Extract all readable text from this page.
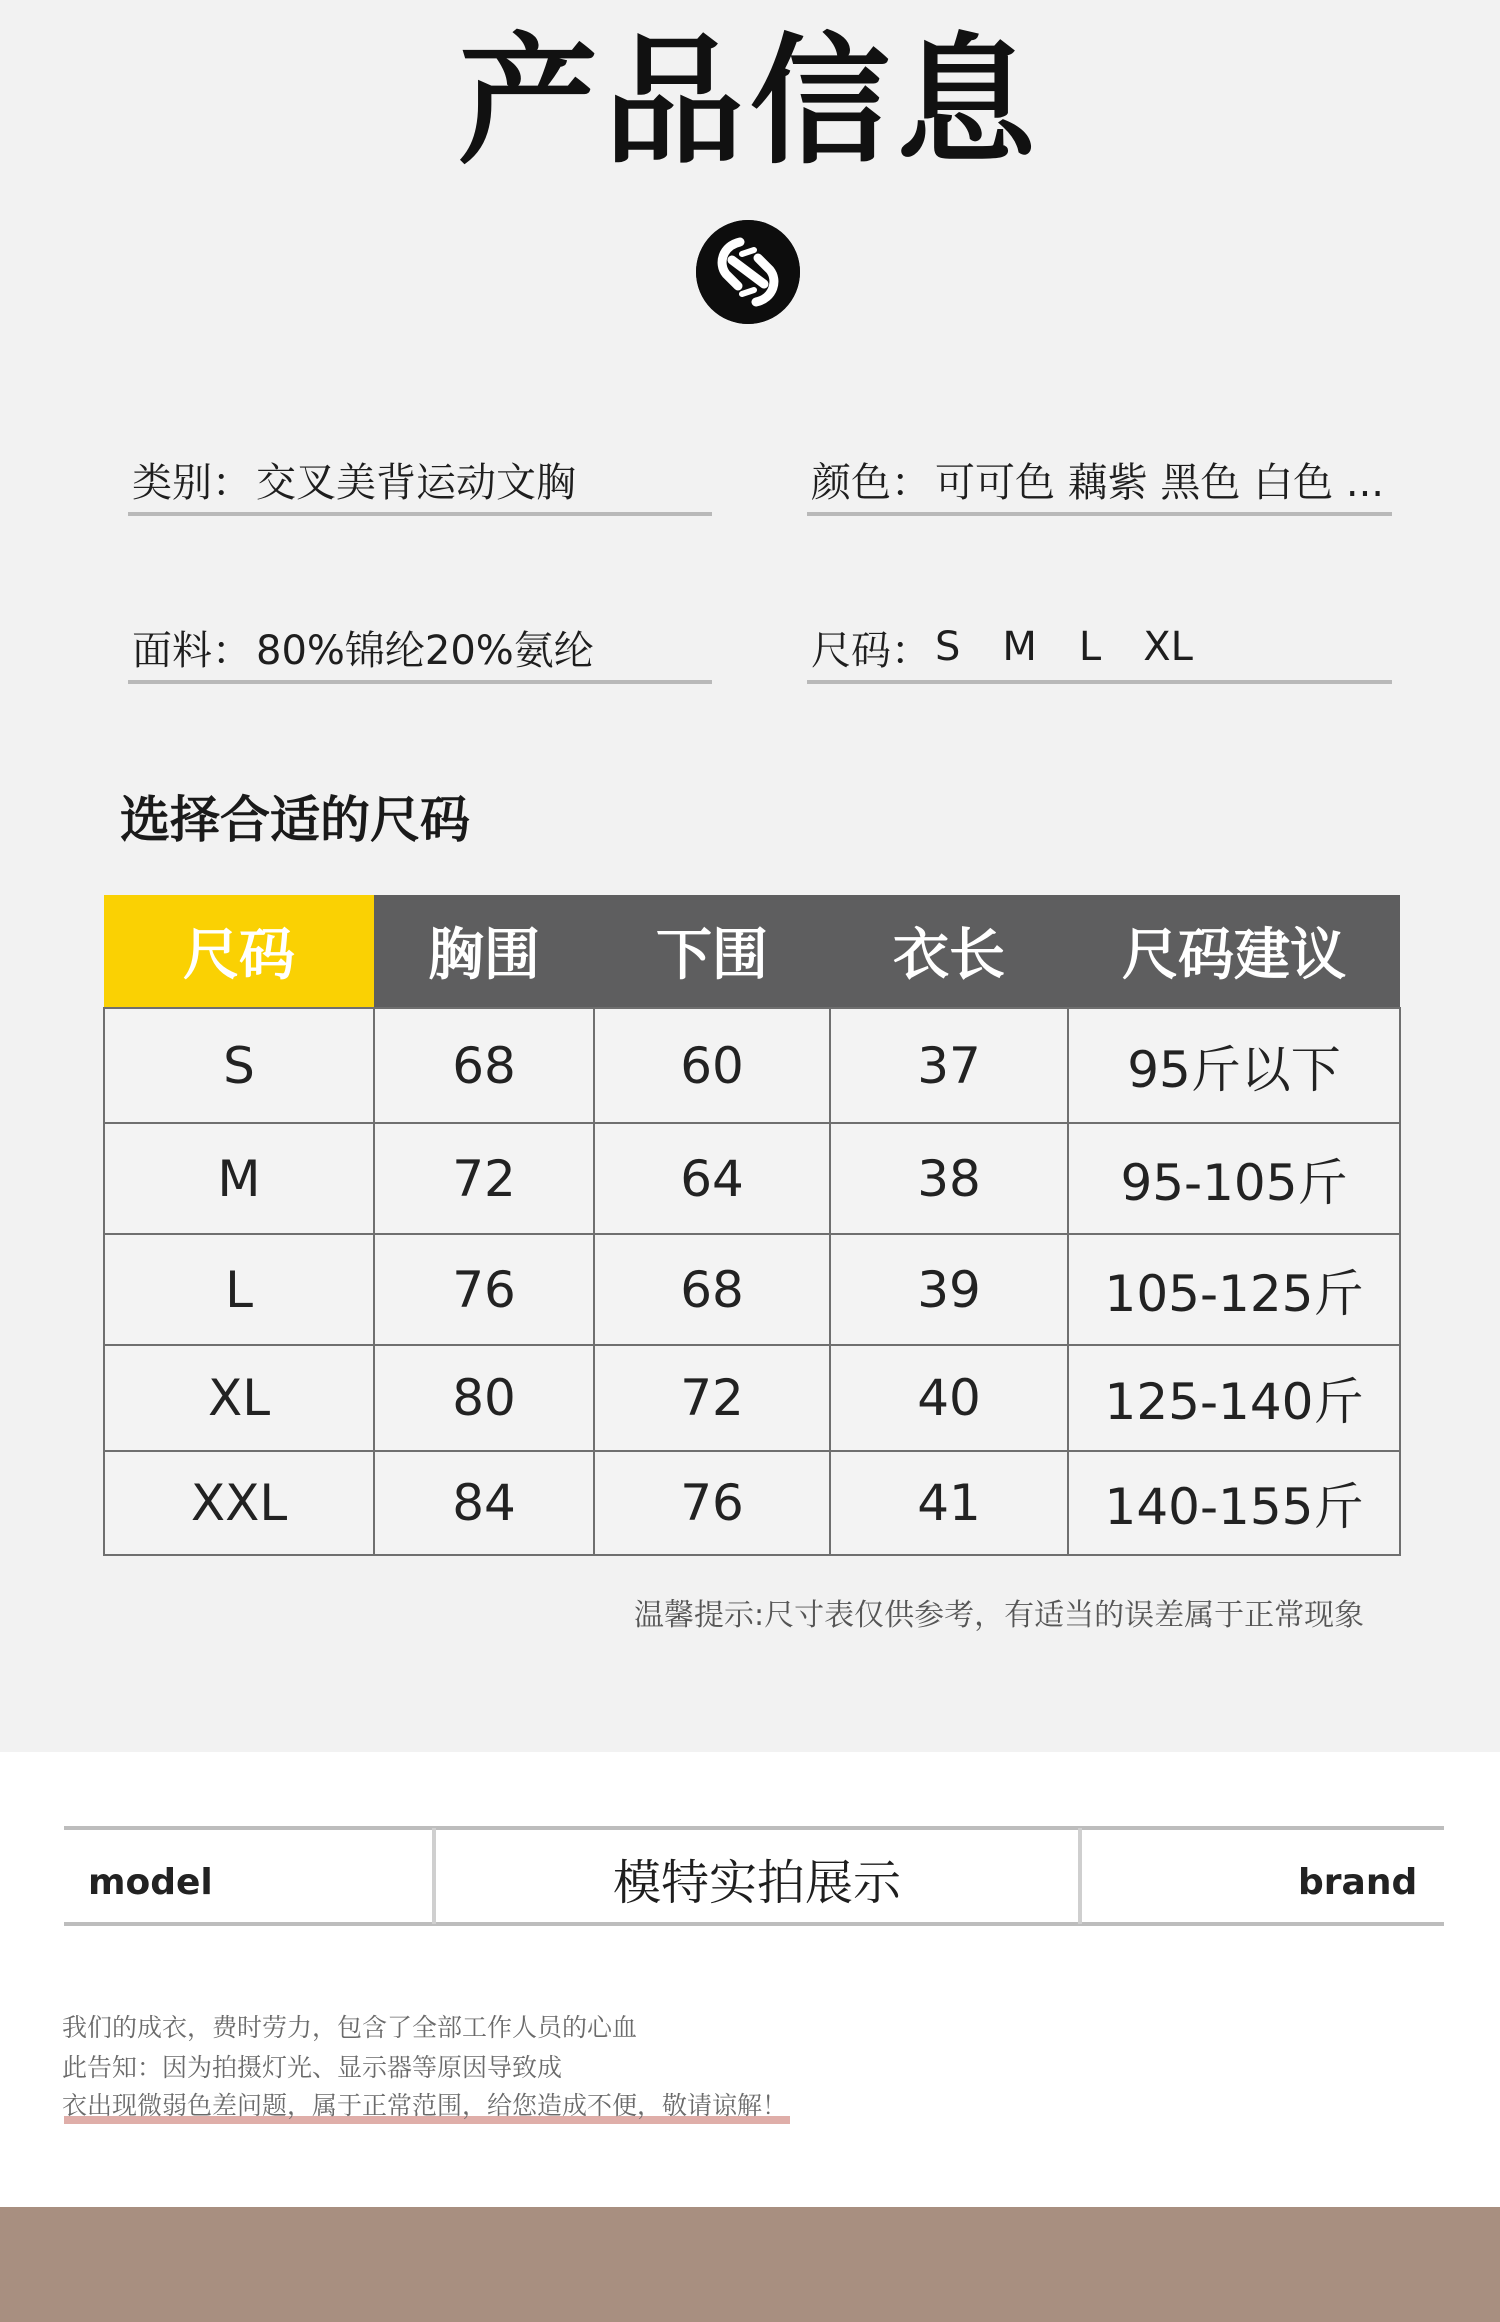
产品信息
类别： 交叉美背运动文胸	颜色： 可可色 藕紫 黑色 白色 ...
面料： 80%锦纶20%氨纶	尺码： S M L XL
选择合适的尺码
尺码	胸围	下围	衣长	尺码建议
S	68	60	37	95斤以下
M	72	64	38	95-105斤
L	76	68	39	105-125斤
XL	80	72	40	125-140斤
XXL	84	76	41	140-155斤
温馨提示:尺寸表仅供参考，有适当的误差属于正常现象
model	模特实拍展示	brand
我们的成衣，费时劳力，包含了全部工作人员的心血
此告知：因为拍摄灯光、显示器等原因导致成
衣出现微弱色差问题，属于正常范围，给您造成不便，敬请谅解！
